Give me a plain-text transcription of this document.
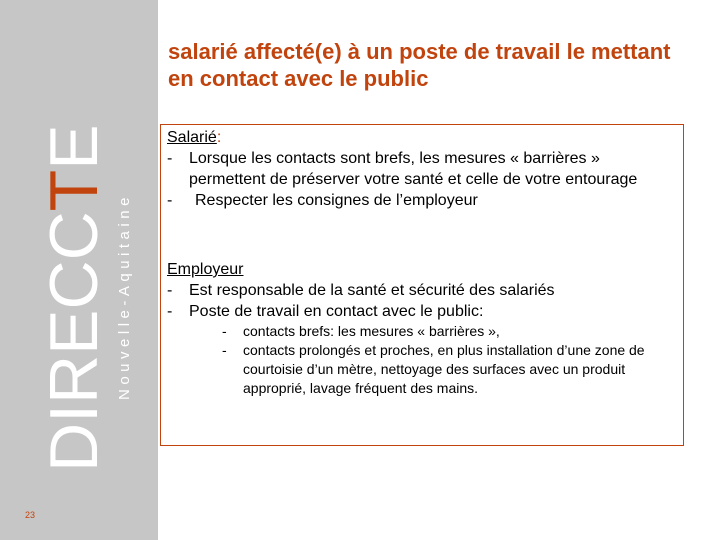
DIRECCTE
Nouvelle-Aquitaine
23
salarié affecté(e) à un poste de travail le mettant en contact avec le public
Salarié:
-	Lorsque les contacts sont brefs, les mesures « barrières » permettent de préserver votre santé et celle de votre entourage
-	Respecter les consignes de l’employeur
Employeur
-	Est responsable de la santé et sécurité des salariés
-	Poste de travail en contact avec le public:
-	contacts brefs: les mesures « barrières »,
-	contacts prolongés et proches, en plus installation d’une zone de courtoisie d’un mètre, nettoyage des surfaces avec un produit approprié, lavage fréquent des mains.
